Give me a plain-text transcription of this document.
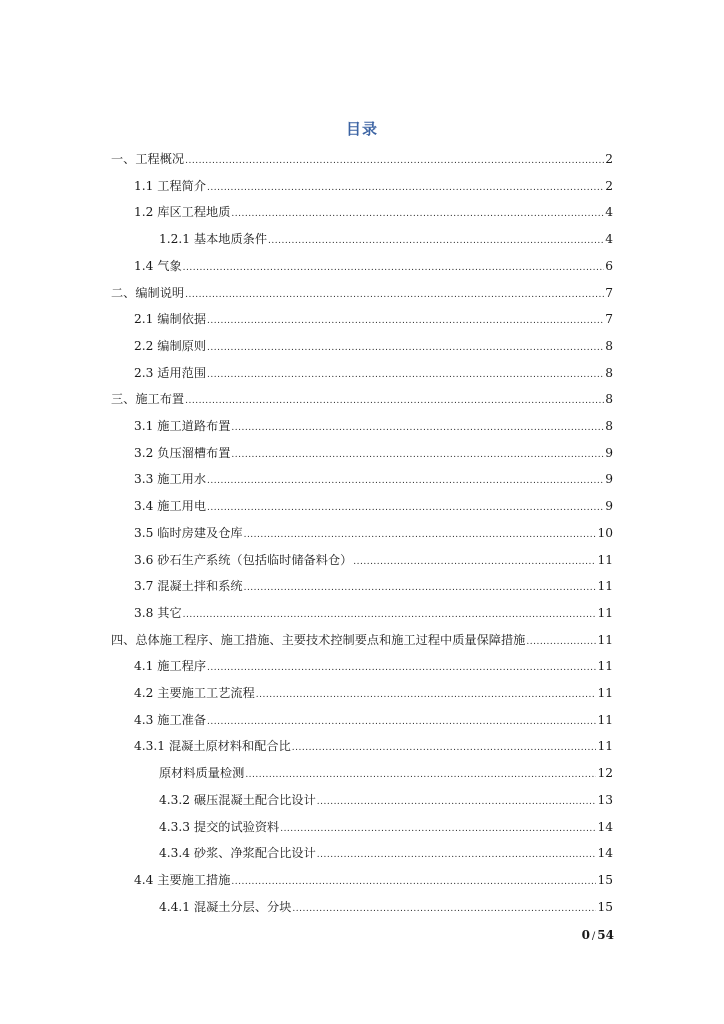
目录
一、工程概况 .....	2
1.1 工程简介 .....	2
1.2 库区工程地质 .....	4
1.2.1 基本地质条件 .....	4
1.4 气象 .....	6
二、编制说明 .....	7
2.1 编制依据 .....	7
2.2 编制原则 .....	8
2.3 适用范围 .....	8
三、施工布置 .....	8
3.1 施工道路布置 .....	8
3.2 负压溜槽布置 .....	9
3.3 施工用水 .....	9
3.4 施工用电 .....	9
3.5 临时房建及仓库 .....	10
3.6 砂石生产系统（包括临时储备料仓） .....	11
3.7 混凝土拌和系统 .....	11
3.8 其它 .....	11
四、总体施工程序、施工措施、主要技术控制要点和施工过程中质量保障措施 .....	11
4.1 施工程序 .....	11
4.2 主要施工工艺流程 .....	11
4.3 施工准备 .....	11
4.3.1 混凝土原材料和配合比 .....	11
原材料质量检测 .....	12
4.3.2 碾压混凝土配合比设计 .....	13
4.3.3 提交的试验资料 .....	14
4.3.4 砂浆、净浆配合比设计 .....	14
4.4 主要施工措施 .....	15
4.4.1 混凝土分层、分块 .....	15
0 / 54
